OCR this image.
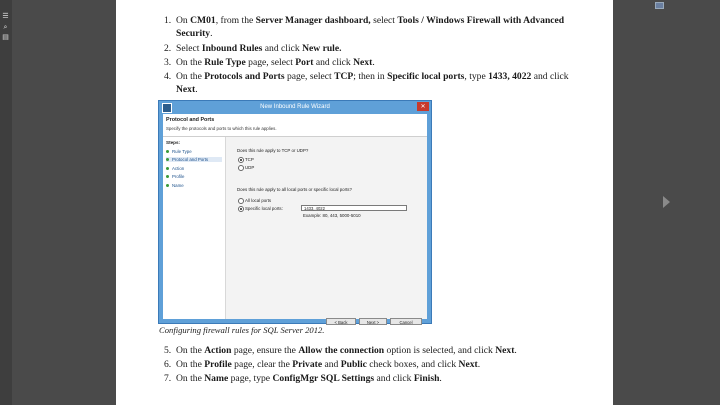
☰
⌕
▤
1. On CM01, from the Server Manager dashboard, select Tools / Windows Firewall with Advanced Security.
2. Select Inbound Rules and click New rule.
3. On the Rule Type page, select Port and click Next.
4. On the Protocols and Ports page, select TCP; then in Specific local ports, type 1433, 4022 and click Next.
New Inbound Rule Wizard	✕
Protocol and Ports
Specify the protocols and ports to which this rule applies.
Steps:
Rule Type
Protocol and Ports
Action
Profile
Name
Does this rule apply to TCP or UDP?
TCP
UDP
Does this rule apply to all local ports or specific local ports?
All local ports
Specific local ports:	1433, 4022
Example: 80, 443, 5000-5010
< Back	Next >	Cancel
Configuring firewall rules for SQL Server 2012.
5. On the Action page, ensure the Allow the connection option is selected, and click Next.
6. On the Profile page, clear the Private and Public check boxes, and click Next.
7. On the Name page, type ConfigMgr SQL Settings and click Finish.
